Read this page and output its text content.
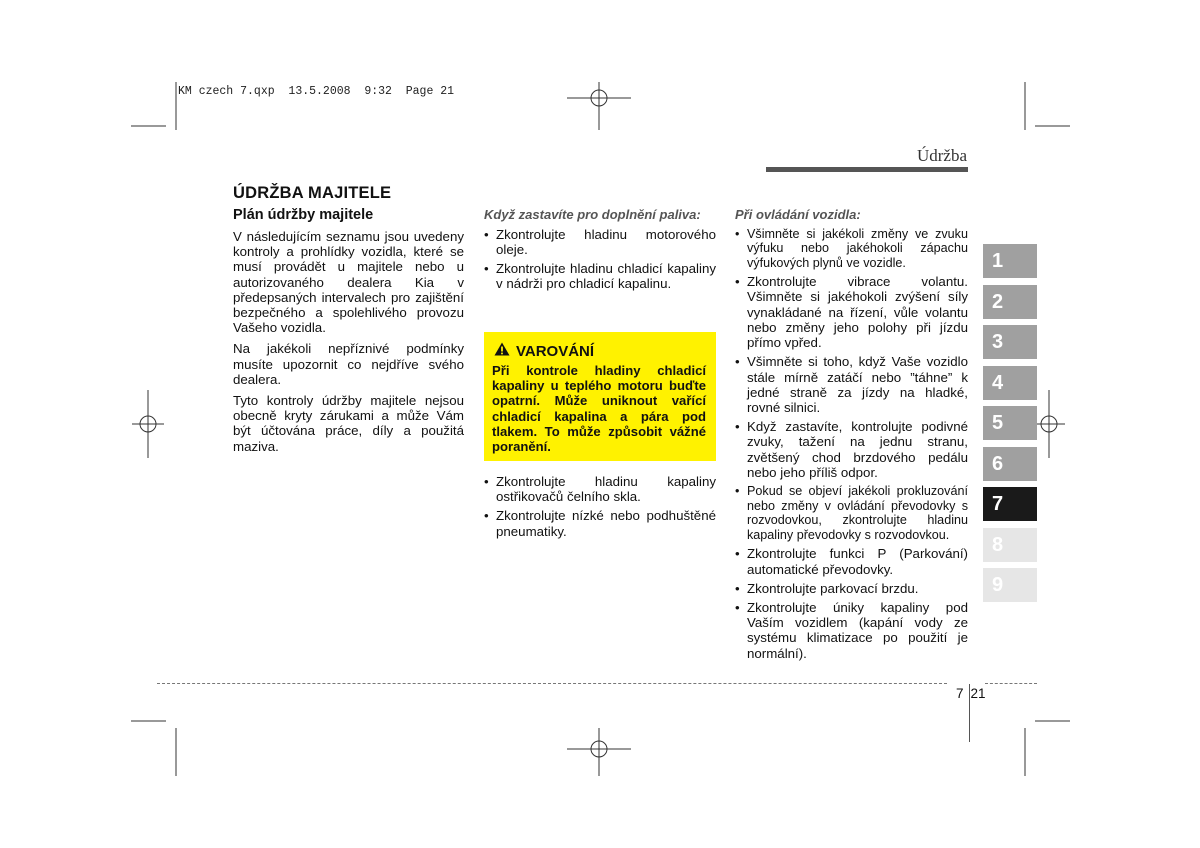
KM czech 7.qxp  13.5.2008  9:32  Page 21
Údržba
ÚDRŽBA MAJITELE
Plán údržby majitele

V následujícím seznamu jsou uvedeny kontroly a prohlídky vozidla, které se musí provádět u majitele nebo u autorizovaného dealera Kia v předepsaných intervalech pro zajištění bezpečného a spolehlivého provozu Vašeho vozidla.

Na jakékoli nepříznivé podmínky musíte upozornit co nejdříve svého dealera.

Tyto kontroly údržby majitele nejsou obecně kryty zárukami a může Vám být účtována práce, díly a použitá maziva.

Když zastavíte pro doplnění paliva:
• Zkontrolujte hladinu motorového oleje.
• Zkontrolujte hladinu chladicí kapaliny v nádrži pro chladicí kapalinu.
VAROVÁNÍ
Při kontrole hladiny chladicí kapaliny u teplého motoru buďte opatrní. Může uniknout vařící chladicí kapalina a pára pod tlakem. To může způsobit vážné poranění.
• Zkontrolujte hladinu kapaliny ostřikovačů čelního skla.
• Zkontrolujte nízké nebo podhuštěné pneumatiky.
Při ovládání vozidla:
• Všimněte si jakékoli změny ve zvuku výfuku nebo jakéhokoli zápachu výfukových plynů ve vozidle.
• Zkontrolujte vibrace volantu. Všimněte si jakéhokoli zvýšení síly vynakládané na řízení, vůle volantu nebo změny jeho polohy při jízdu přímo vpřed.
• Všimněte si toho, když Vaše vozidlo stále mírně zatáčí nebo ”táhne” k jedné straně za jízdy na hladké, rovné silnici.
• Když zastavíte, kontrolujte podivné zvuky, tažení na jednu stranu, zvětšený chod brzdového pedálu nebo jeho příliš odpor.
• Pokud se objeví jakékoli prokluzování nebo změny v ovládání převodovky s rozvodovkou, zkontrolujte hladinu kapaliny převodovky s rozvodovkou.
• Zkontrolujte funkci P (Parkování) automatické převodovky.
• Zkontrolujte parkovací brzdu.
• Zkontrolujte úniky kapaliny pod Vaším vozidlem (kapání vody ze systému klimatizace po použití je normální).
1
2
3
4
5
6
7
8
9
7 21
